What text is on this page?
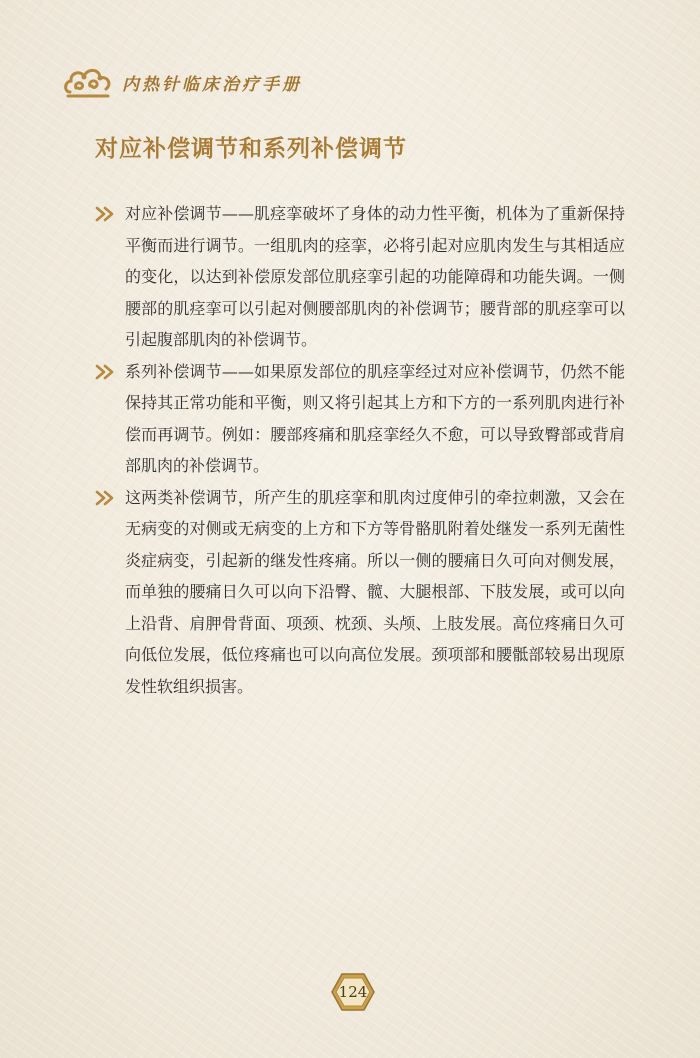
内热针临床治疗手册
对应补偿调节和系列补偿调节

对应补偿调节——肌痉挛破坏了身体的动力性平衡，机体为了重新保持平衡而进行调节。一组肌肉的痉挛，必将引起对应肌肉发生与其相适应的变化，以达到补偿原发部位肌痉挛引起的功能障碍和功能失调。一侧腰部的肌痉挛可以引起对侧腰部肌肉的补偿调节；腰背部的肌痉挛可以引起腹部肌肉的补偿调节。

系列补偿调节——如果原发部位的肌痉挛经过对应补偿调节，仍然不能保持其正常功能和平衡，则又将引起其上方和下方的一系列肌肉进行补偿而再调节。例如：腰部疼痛和肌痉挛经久不愈，可以导致臀部或背肩部肌肉的补偿调节。

这两类补偿调节，所产生的肌痉挛和肌肉过度伸引的牵拉刺激，又会在无病变的对侧或无病变的上方和下方等骨骼肌附着处继发一系列无菌性炎症病变，引起新的继发性疼痛。所以一侧的腰痛日久可向对侧发展，而单独的腰痛日久可以向下沿臀、髋、大腿根部、下肢发展，或可以向上沿背、肩胛骨背面、项颈、枕颈、头颅、上肢发展。高位疼痛日久可向低位发展，低位疼痛也可以向高位发展。颈项部和腰骶部较易出现原发性软组织损害。

124
